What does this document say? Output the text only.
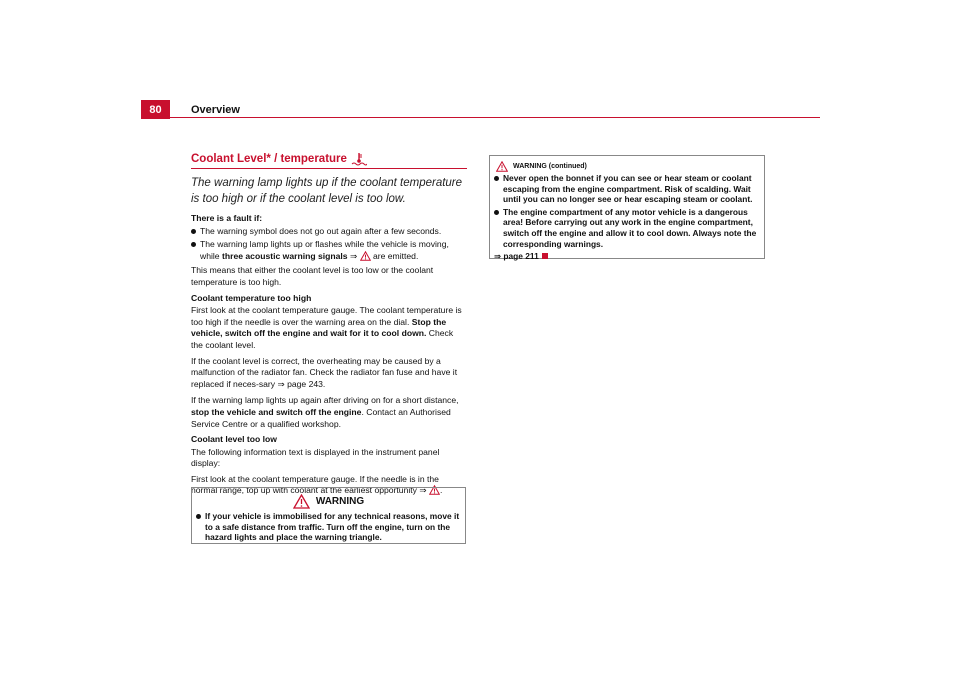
80	Overview
Coolant Level* / temperature

The warning lamp lights up if the coolant temperature is too high or if the coolant level is too low.

There is a fault if:

The warning symbol does not go out again after a few seconds.
The warning lamp lights up or flashes while the vehicle is moving, while three acoustic warning signals ⇒ are emitted.

This means that either the coolant level is too low or the coolant temperature is too high.

Coolant temperature too high

First look at the coolant temperature gauge. The coolant temperature is too high if the needle is over the warning area on the dial. Stop the vehicle, switch off the engine and wait for it to cool down. Check the coolant level.

If the coolant level is correct, the overheating may be caused by a malfunction of the radiator fan. Check the radiator fan fuse and have it replaced if neces-sary ⇒ page 243.

If the warning lamp lights up again after driving on for a short distance, stop the vehicle and switch off the engine. Contact an Authorised Service Centre or a qualified workshop.

Coolant level too low

The following information text is displayed in the instrument panel display:

First look at the coolant temperature gauge. If the needle is in the normal range, top up with coolant at the earliest opportunity ⇒ .

WARNING
If your vehicle is immobilised for any technical reasons, move it to a safe distance from traffic. Turn off the engine, turn on the hazard lights and place the warning triangle.
WARNING (continued)
Never open the bonnet if you can see or hear steam or coolant escaping from the engine compartment. Risk of scalding. Wait until you can no longer see or hear escaping steam or coolant.
The engine compartment of any motor vehicle is a dangerous area! Before carrying out any work in the engine compartment, switch off the engine and allow it to cool down. Always note the corresponding warnings.

⇒ page 211
